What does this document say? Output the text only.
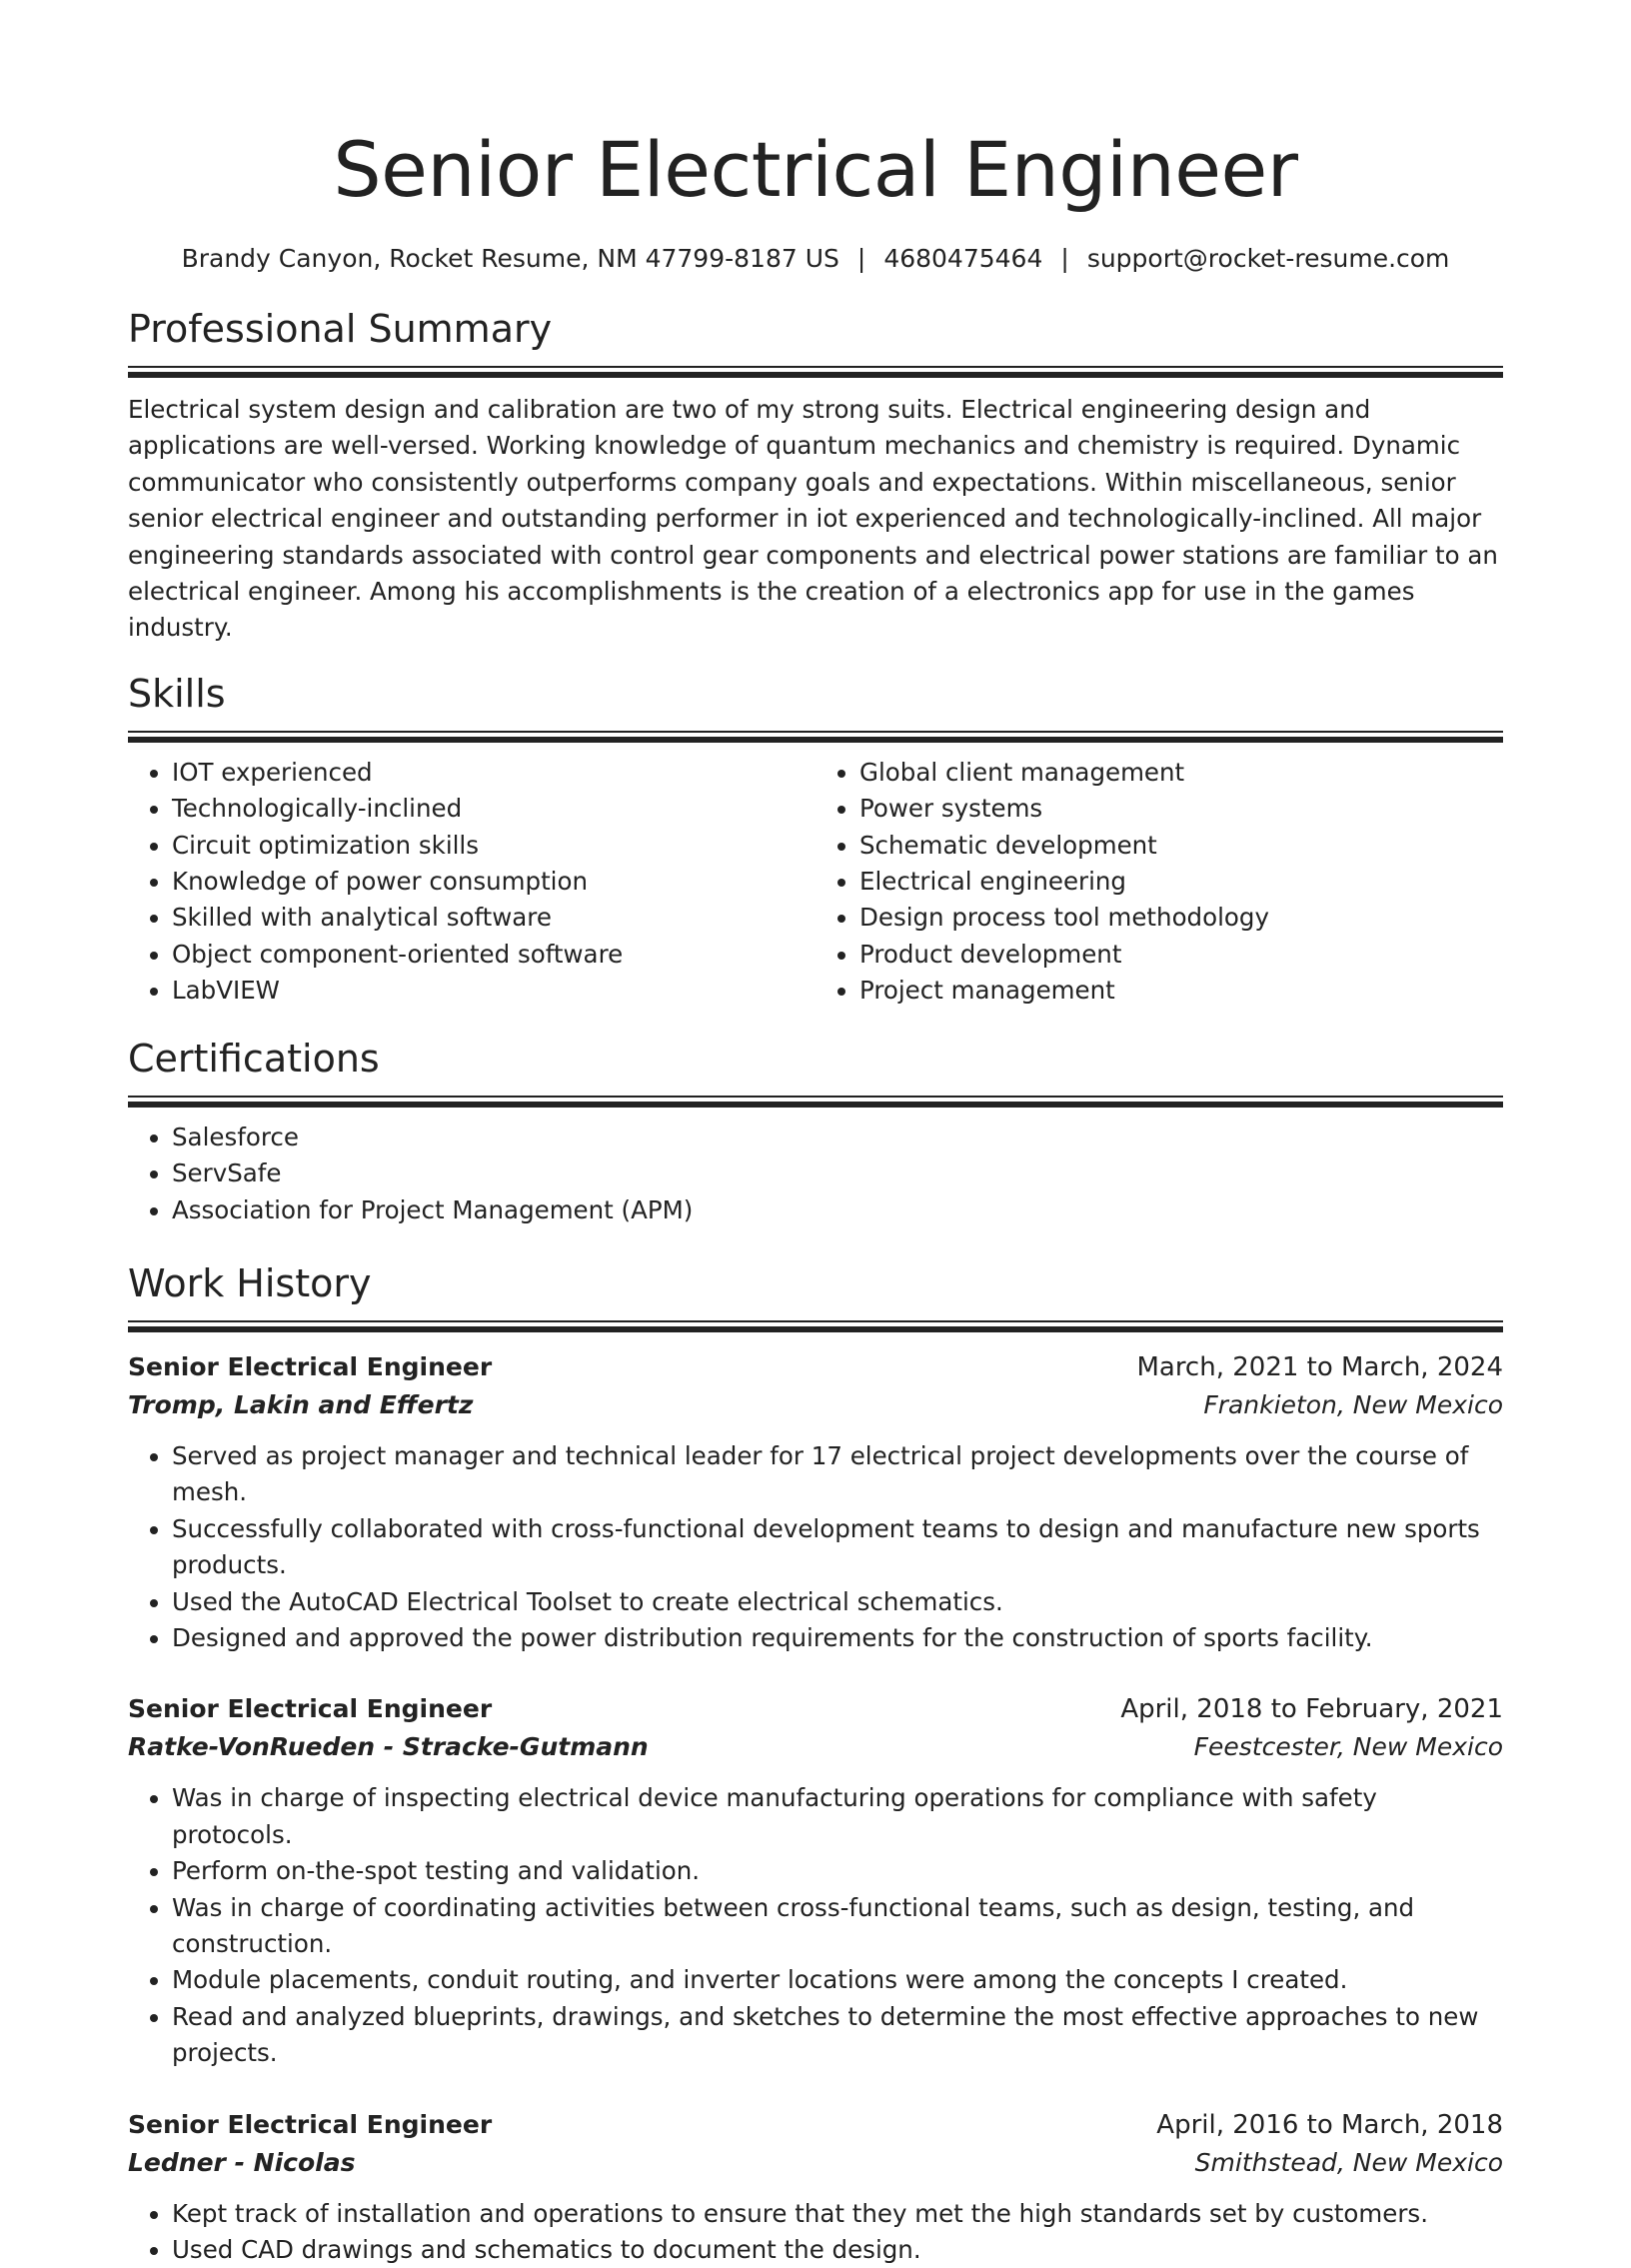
Senior Electrical Engineer
Brandy Canyon, Rocket Resume, NM 47799-8187 US | 4680475464 | support@rocket-resume.com
Professional Summary

Electrical system design and calibration are two of my strong suits. Electrical engineering design and applications are well-versed. Working knowledge of quantum mechanics and chemistry is required. Dynamic communicator who consistently outperforms company goals and expectations. Within miscellaneous, senior senior electrical engineer and outstanding performer in iot experienced and technologically-inclined. All major engineering standards associated with control gear components and electrical power stations are familiar to an electrical engineer. Among his accomplishments is the creation of a electronics app for use in the games industry.

Skills
• IOT experienced
• Technologically-inclined
• Circuit optimization skills
• Knowledge of power consumption
• Skilled with analytical software
• Object component-oriented software
• LabVIEW
• Global client management
• Power systems
• Schematic development
• Electrical engineering
• Design process tool methodology
• Product development
• Project management
Certifications
• Salesforce
• ServSafe
• Association for Project Management (APM)
Work History
Senior Electrical Engineer	March, 2021 to March, 2024
Tromp, Lakin and Effertz	Frankieton, New Mexico
• Served as project manager and technical leader for 17 electrical project developments over the course of mesh.
• Successfully collaborated with cross-functional development teams to design and manufacture new sports products.
• Used the AutoCAD Electrical Toolset to create electrical schematics.
• Designed and approved the power distribution requirements for the construction of sports facility.
Senior Electrical Engineer	April, 2018 to February, 2021
Ratke-VonRueden - Stracke-Gutmann	Feestcester, New Mexico
• Was in charge of inspecting electrical device manufacturing operations for compliance with safety protocols.
• Perform on-the-spot testing and validation.
• Was in charge of coordinating activities between cross-functional teams, such as design, testing, and construction.
• Module placements, conduit routing, and inverter locations were among the concepts I created.
• Read and analyzed blueprints, drawings, and sketches to determine the most effective approaches to new projects.
Senior Electrical Engineer	April, 2016 to March, 2018
Ledner - Nicolas	Smithstead, New Mexico
• Kept track of installation and operations to ensure that they met the high standards set by customers.
• Used CAD drawings and schematics to document the design.
